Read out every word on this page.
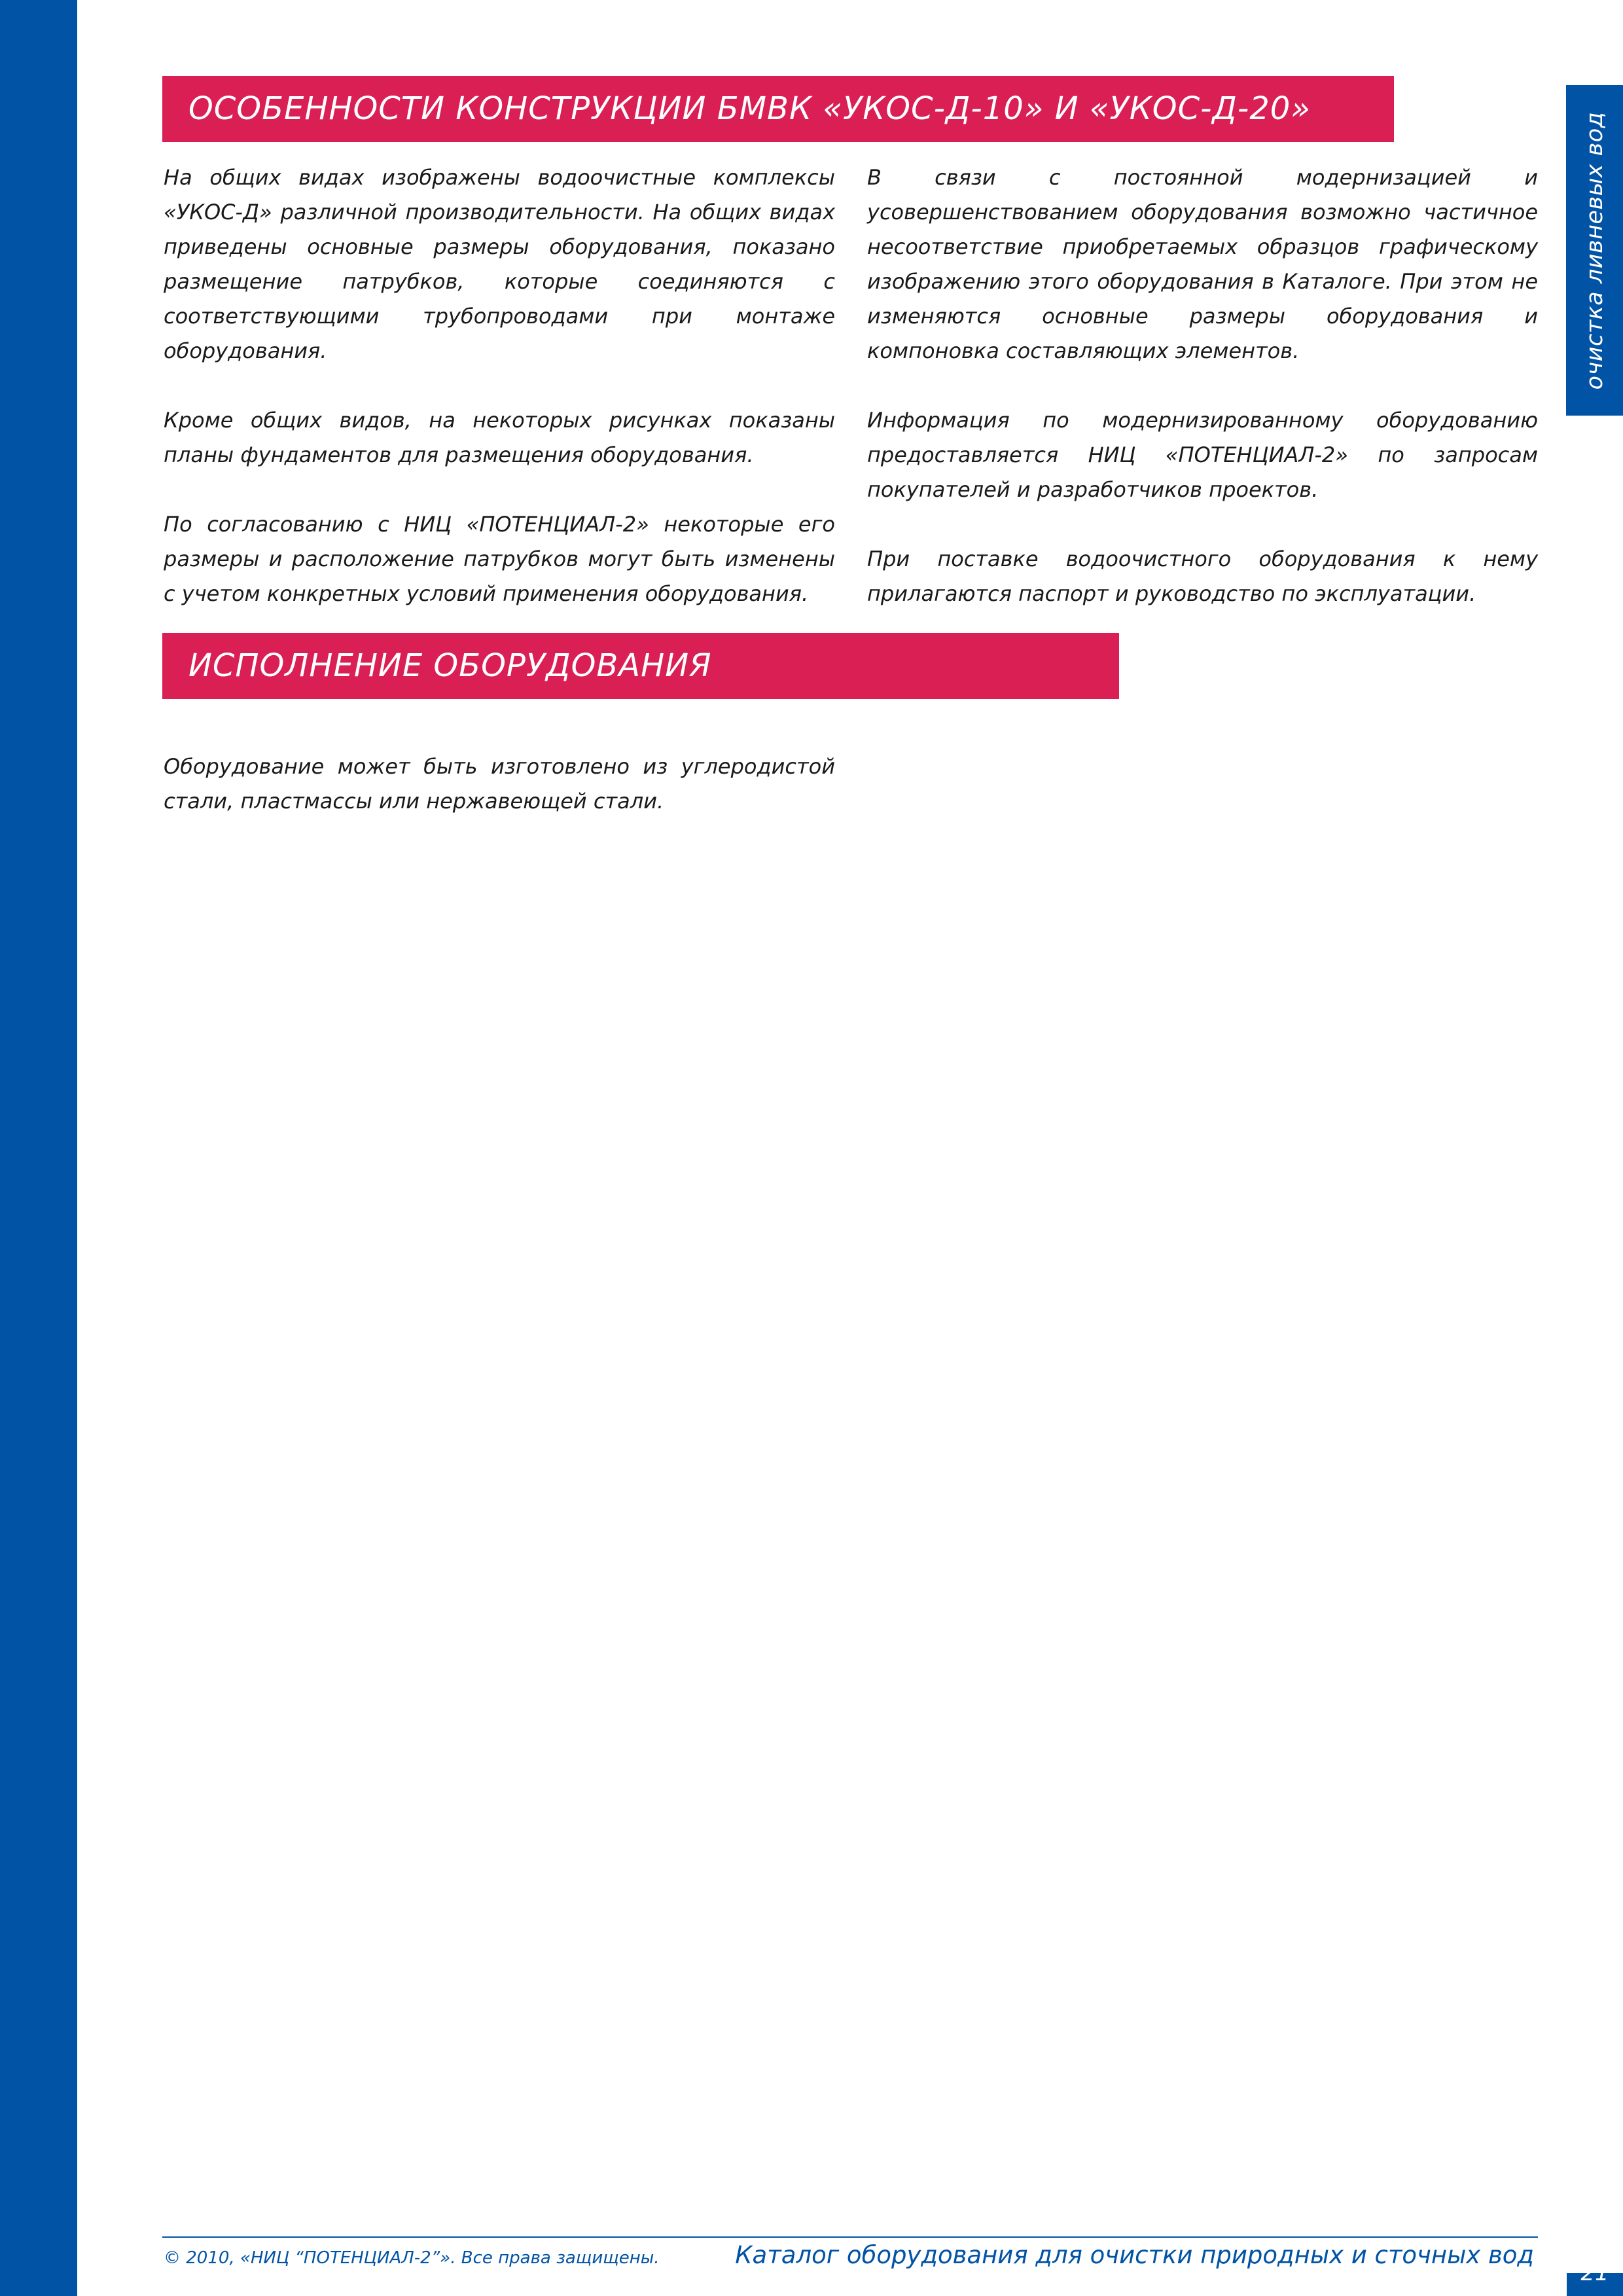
очистка ливневых вод
ОСОБЕННОСТИ КОНСТРУКЦИИ БМВК «УКОС-Д-10» И «УКОС-Д-20»

На общих видах изображены водоочистные комплексы «УКОС-Д» различной производительности. На общих видах приведены основные размеры оборудования, показано размещение патрубков, которые соединяются с соответствующими трубопроводами при монтаже оборудования.

Кроме общих видов, на некоторых рисунках показаны планы фундаментов для размещения оборудования.

По согласованию с НИЦ «ПОТЕНЦИАЛ-2» некоторые его размеры и расположение патрубков могут быть изменены с учетом конкретных условий применения оборудования.

В связи с постоянной модернизацией и усовершенствованием оборудования возможно частичное несоответствие приобретаемых образцов графическому изображению этого оборудования в Каталоге. При этом не изменяются основные размеры оборудования и компоновка составляющих элементов.

Информация по модернизированному оборудованию предоставляется НИЦ «ПОТЕНЦИАЛ-2» по запросам покупателей и разработчиков проектов.

При поставке водоочистного оборудования к нему прилагаются паспорт и руководство по эксплуатации.

ИСПОЛНЕНИЕ ОБОРУДОВАНИЯ

Оборудование может быть изготовлено из углеродистой стали, пластмассы или нержавеющей стали.

© 2010, «НИЦ “ПОТЕНЦИАЛ-2”». Все права защищены.	Каталог оборудования для очистки природных и сточных вод
21
